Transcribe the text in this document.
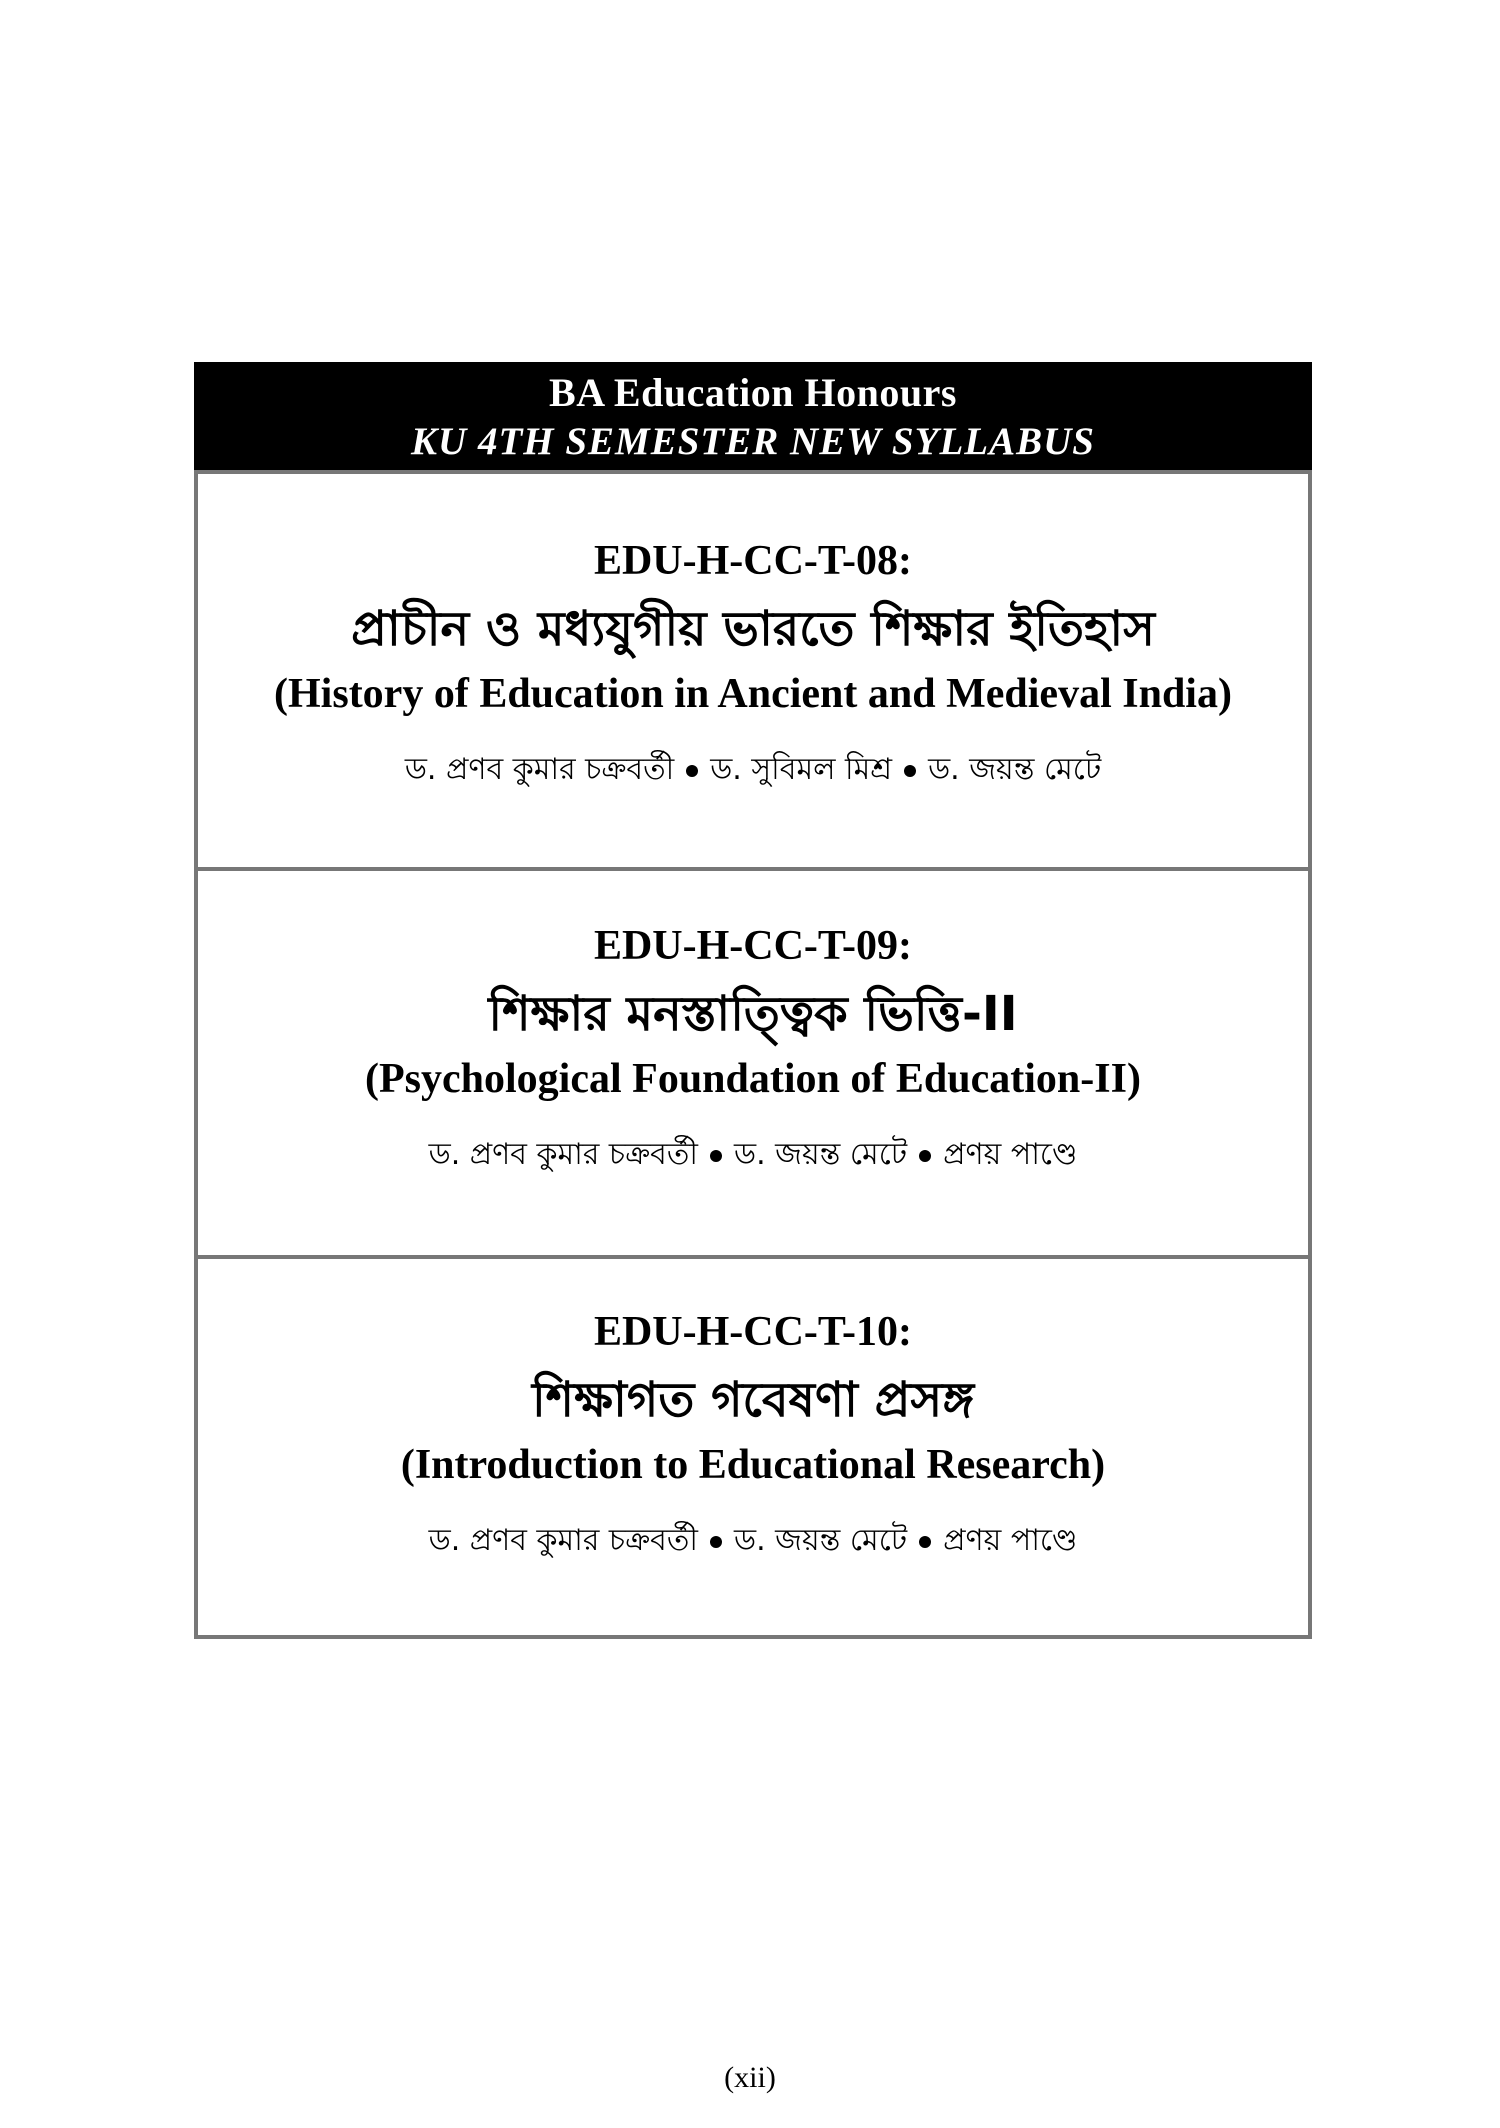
BA Education Honours
KU 4TH SEMESTER NEW SYLLABUS
EDU-H-CC-T-08:
প্রাচীন ও মধ্যযুগীয় ভারতে শিক্ষার ইতিহাস
(History of Education in Ancient and Medieval India)
ড. প্রণব কুমার চক্রবর্তী ড. সুবিমল মিশ্র ড. জয়ন্ত মেটে
EDU-H-CC-T-09:
শিক্ষার মনস্তাত্ত্বিক ভিত্তি-II
(Psychological Foundation of Education-II)
ড. প্রণব কুমার চক্রবর্তী ড. জয়ন্ত মেটে প্রণয় পাণ্ডে
EDU-H-CC-T-10:
শিক্ষাগত গবেষণা প্রসঙ্গ
(Introduction to Educational Research)
ড. প্রণব কুমার চক্রবর্তী ড. জয়ন্ত মেটে প্রণয় পাণ্ডে
(xii)
